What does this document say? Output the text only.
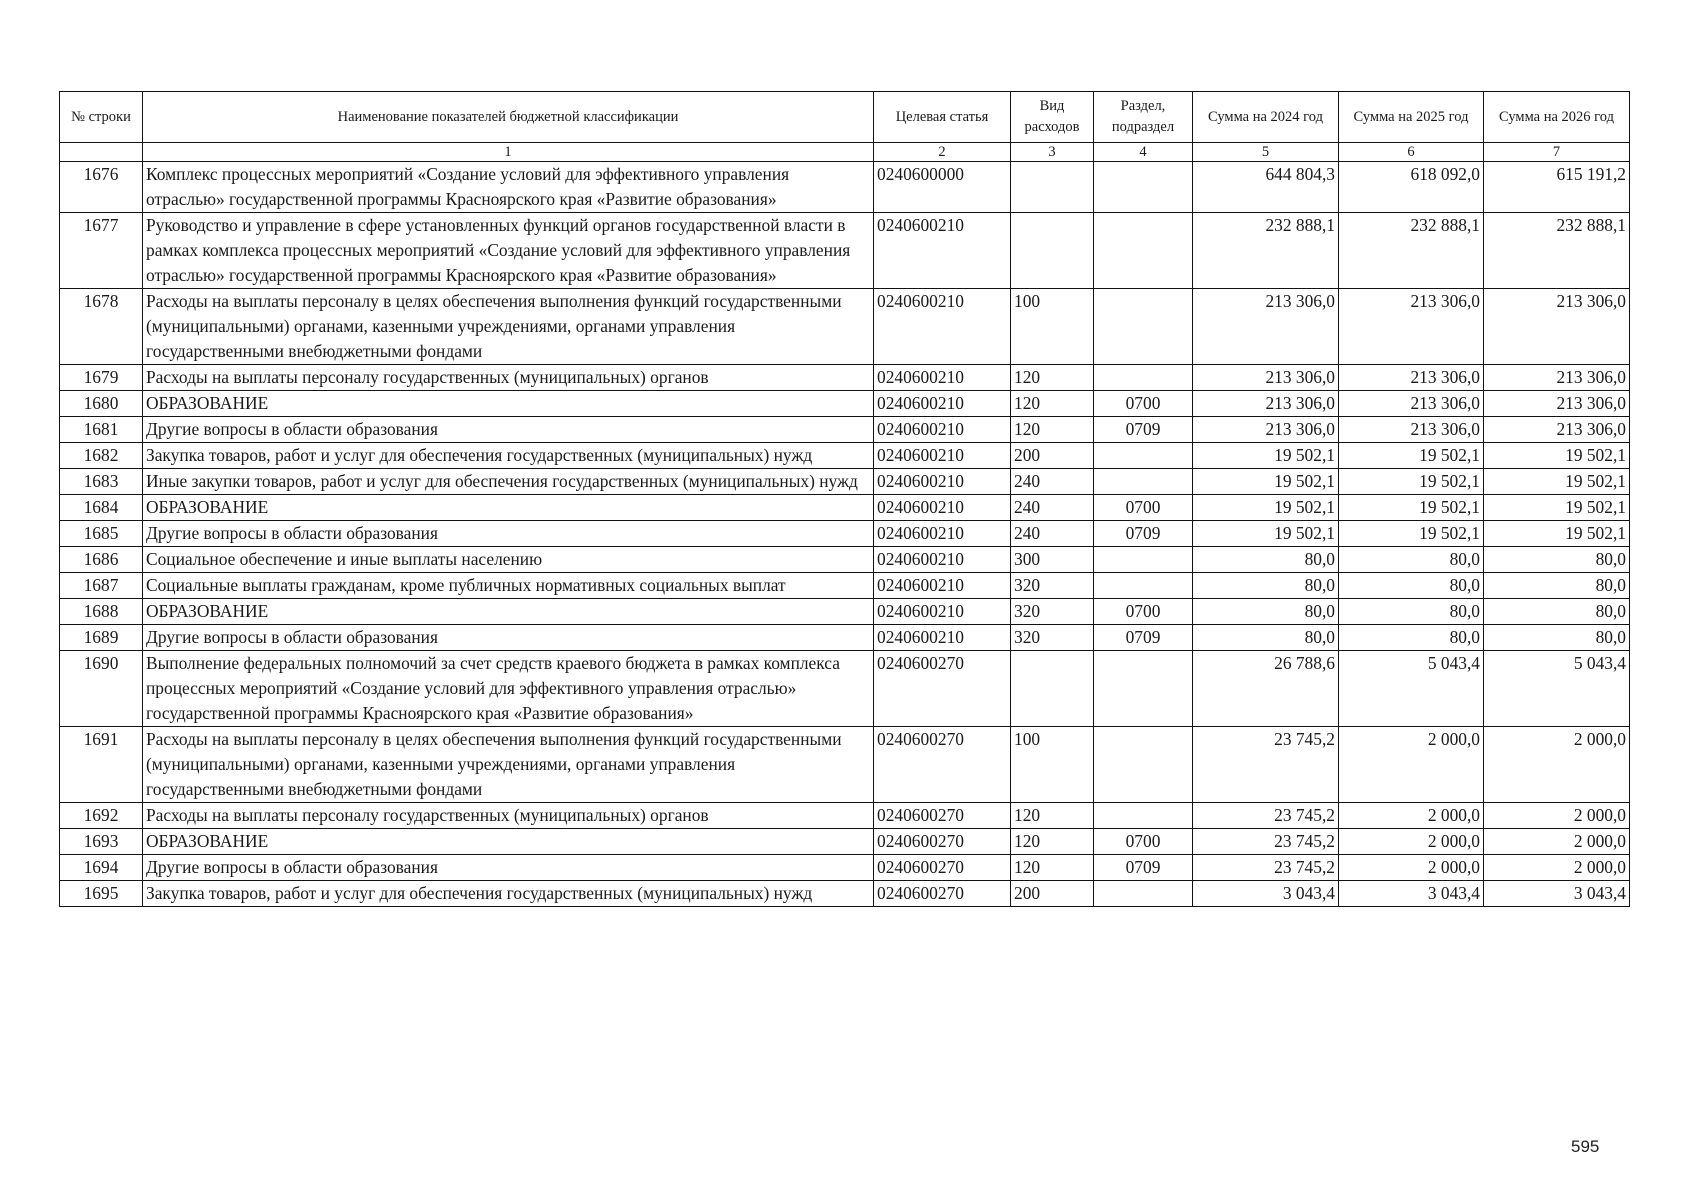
№ строки	Наименование показателей бюджетной классификации	Целевая статья	Вид расходов	Раздел, подраздел	Сумма на 2024 год	Сумма на 2025 год	Сумма на 2026 год
	1	2	3	4	5	6	7
1676	Комплекс процессных мероприятий «Создание условий для эффективного управления отраслью» государственной программы Красноярского края «Развитие образования»	0240600000			644 804,3	618 092,0	615 191,2
1677	Руководство и управление в сфере установленных функций органов государственной власти в рамках комплекса процессных мероприятий «Создание условий для эффективного управления отраслью» государственной программы Красноярского края «Развитие образования»	0240600210			232 888,1	232 888,1	232 888,1
1678	Расходы на выплаты персоналу в целях обеспечения выполнения функций государственными (муниципальными) органами, казенными учреждениями, органами управления государственными внебюджетными фондами	0240600210	100		213 306,0	213 306,0	213 306,0
1679	Расходы на выплаты персоналу государственных (муниципальных) органов	0240600210	120		213 306,0	213 306,0	213 306,0
1680	ОБРАЗОВАНИЕ	0240600210	120	0700	213 306,0	213 306,0	213 306,0
1681	Другие вопросы в области образования	0240600210	120	0709	213 306,0	213 306,0	213 306,0
1682	Закупка товаров, работ и услуг для обеспечения государственных (муниципальных) нужд	0240600210	200		19 502,1	19 502,1	19 502,1
1683	Иные закупки товаров, работ и услуг для обеспечения государственных (муниципальных) нужд	0240600210	240		19 502,1	19 502,1	19 502,1
1684	ОБРАЗОВАНИЕ	0240600210	240	0700	19 502,1	19 502,1	19 502,1
1685	Другие вопросы в области образования	0240600210	240	0709	19 502,1	19 502,1	19 502,1
1686	Социальное обеспечение и иные выплаты населению	0240600210	300		80,0	80,0	80,0
1687	Социальные выплаты гражданам, кроме публичных нормативных социальных выплат	0240600210	320		80,0	80,0	80,0
1688	ОБРАЗОВАНИЕ	0240600210	320	0700	80,0	80,0	80,0
1689	Другие вопросы в области образования	0240600210	320	0709	80,0	80,0	80,0
1690	Выполнение федеральных полномочий за счет средств краевого бюджета в рамках комплекса процессных мероприятий «Создание условий для эффективного управления отраслью» государственной программы Красноярского края «Развитие образования»	0240600270			26 788,6	5 043,4	5 043,4
1691	Расходы на выплаты персоналу в целях обеспечения выполнения функций государственными (муниципальными) органами, казенными учреждениями, органами управления государственными внебюджетными фондами	0240600270	100		23 745,2	2 000,0	2 000,0
1692	Расходы на выплаты персоналу государственных (муниципальных) органов	0240600270	120		23 745,2	2 000,0	2 000,0
1693	ОБРАЗОВАНИЕ	0240600270	120	0700	23 745,2	2 000,0	2 000,0
1694	Другие вопросы в области образования	0240600270	120	0709	23 745,2	2 000,0	2 000,0
1695	Закупка товаров, работ и услуг для обеспечения государственных (муниципальных) нужд	0240600270	200		3 043,4	3 043,4	3 043,4
595
